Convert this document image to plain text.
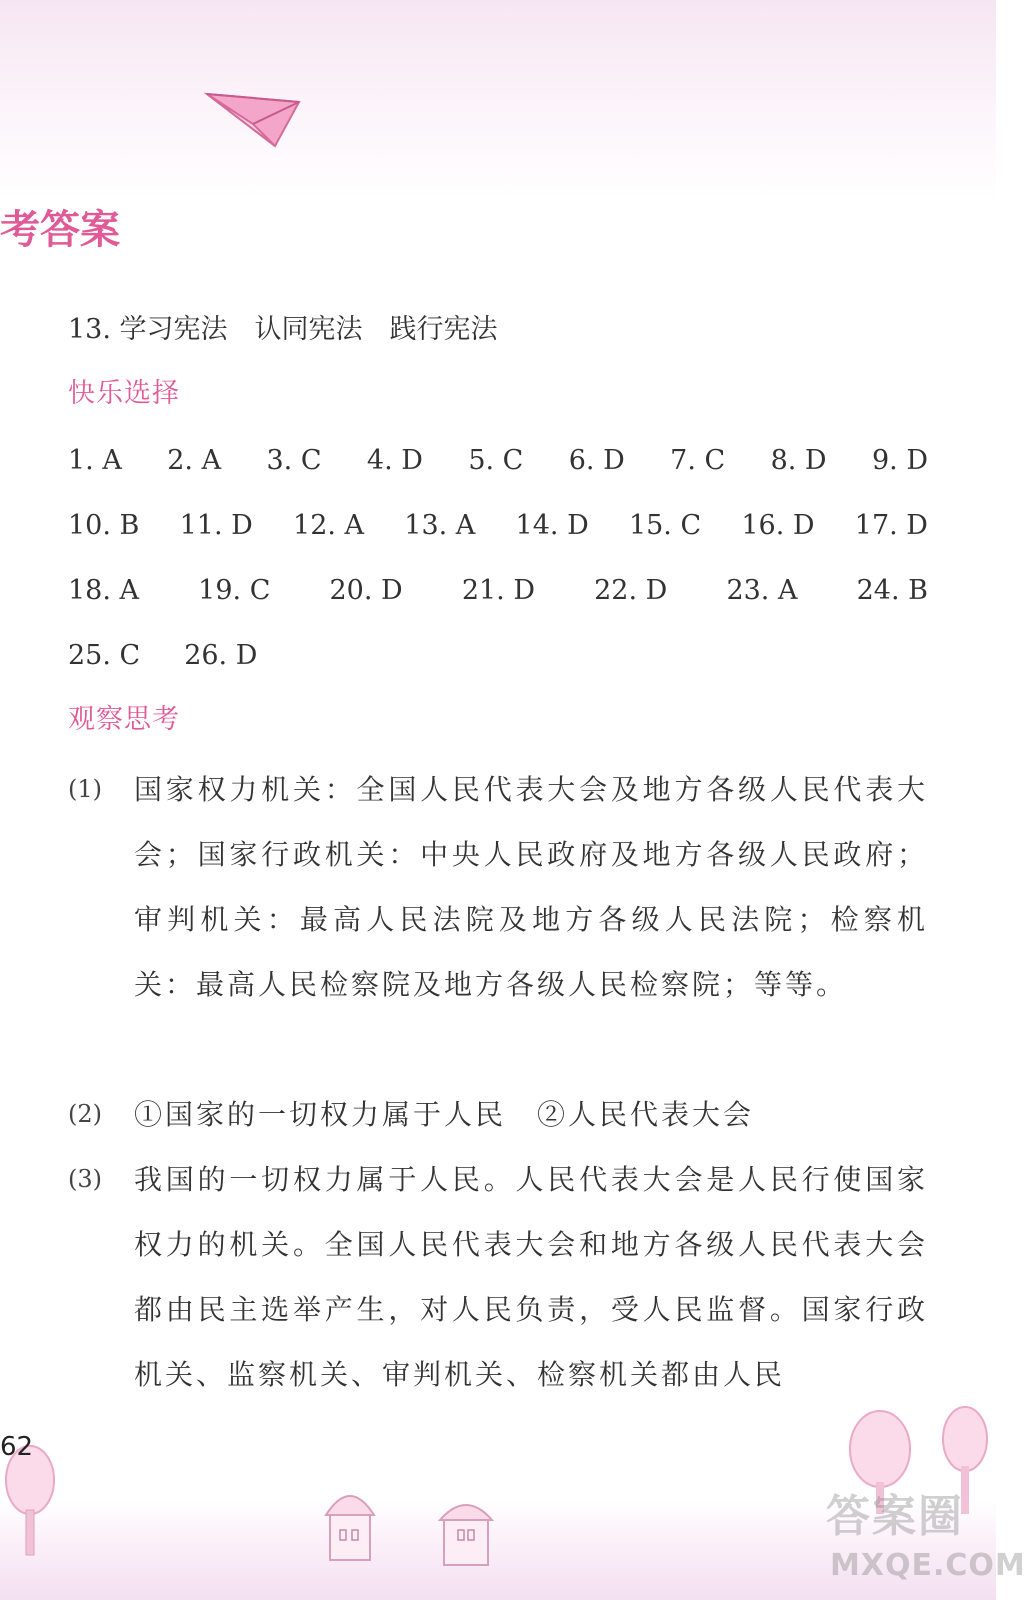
考答案
13. 学习宪法　认同宪法　践行宪法
快乐选择
1. A 2. A 3. C 4. D 5. C 6. D 7. C 8. D 9. D
10. B 11. D 12. A 13. A 14. D 15. C 16. D 17. D
18. A 19. C 20. D 21. D 22. D 23. A 24. B
25. C 26. D
观察思考
(1)	国家权力机关：全国人民代表大会及地方各级人民代表大会；国家行政机关：中央人民政府及地方各级人民政府；审判机关：最高人民法院及地方各级人民法院；检察机关：最高人民检察院及地方各级人民检察院；等等。
(2)	①国家的一切权力属于人民　②人民代表大会
(3)	我国的一切权力属于人民。人民代表大会是人民行使国家权力的机关。全国人民代表大会和地方各级人民代表大会都由民主选举产生，对人民负责，受人民监督。国家行政机关、监察机关、审判机关、检察机关都由人民
62
答案圈
MXQE.COM
